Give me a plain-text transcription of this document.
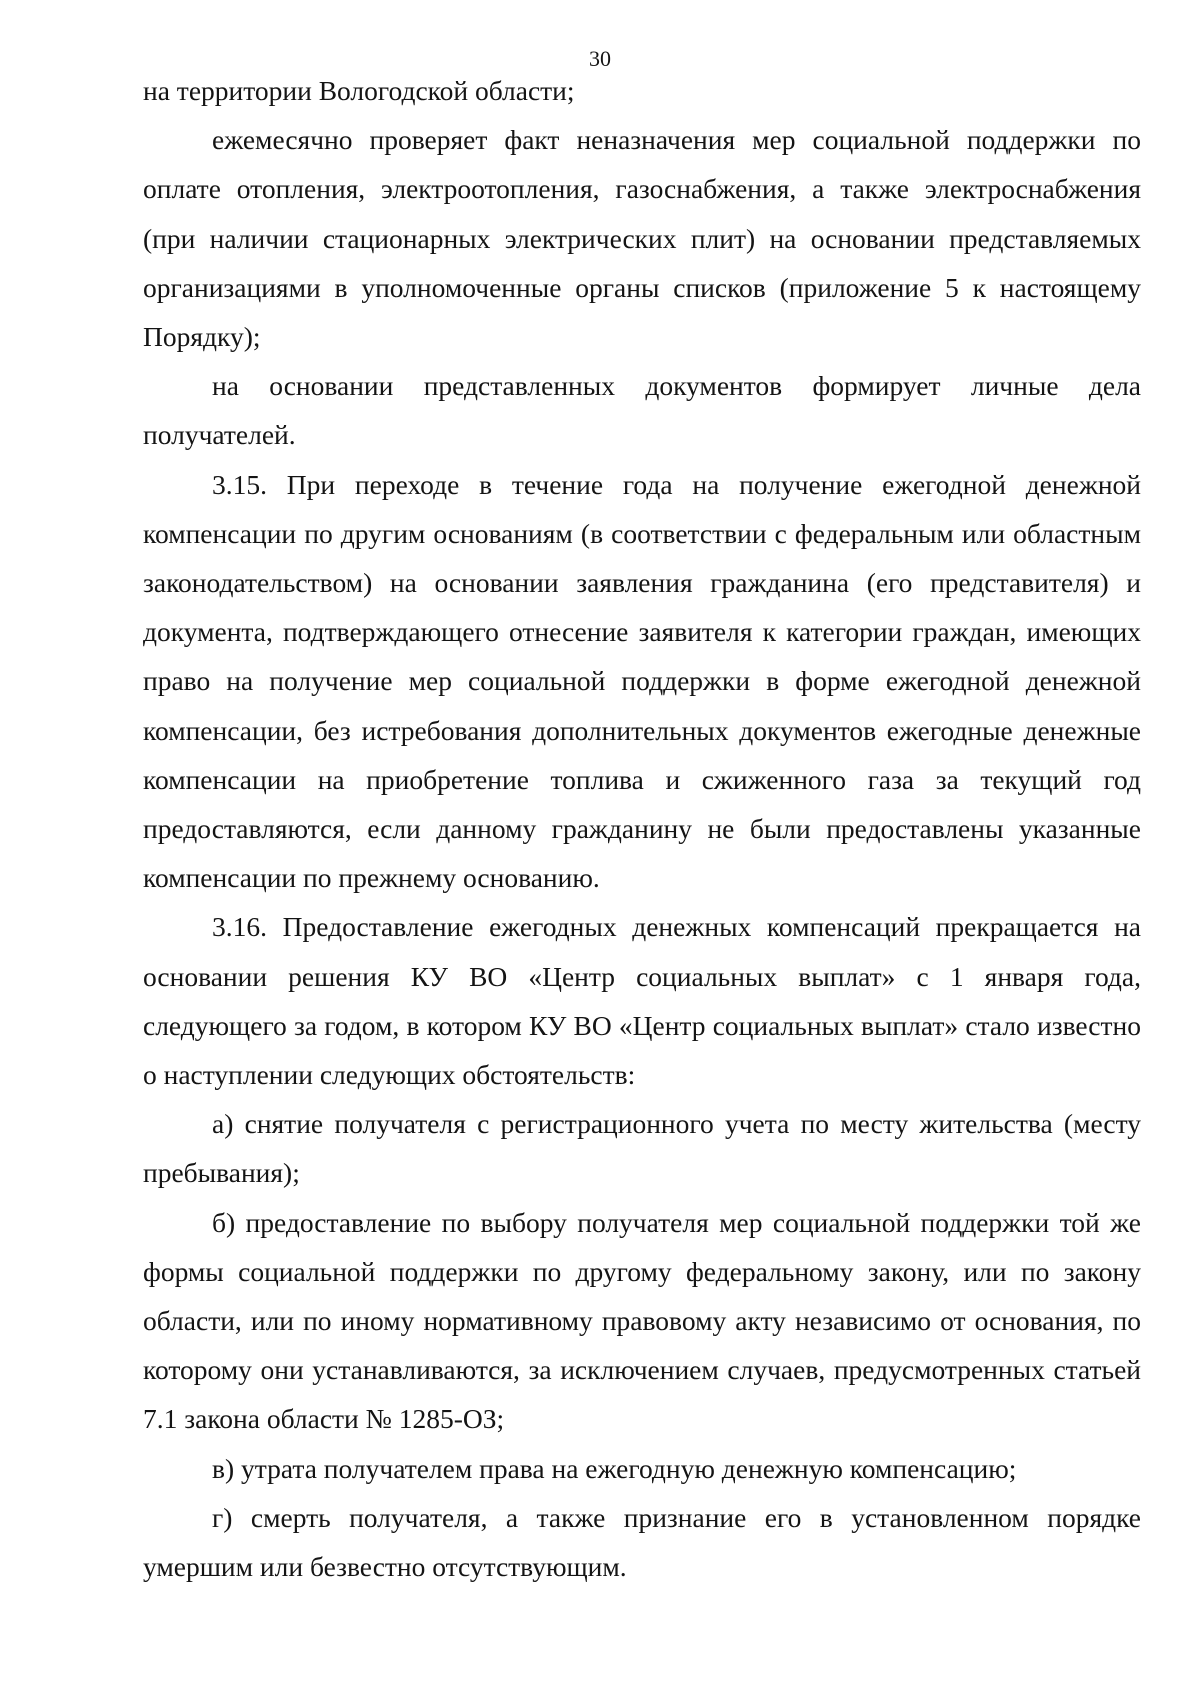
30

на территории Вологодской области;

ежемесячно проверяет факт неназначения мер социальной поддержки по оплате отопления, электроотопления, газоснабжения, а также электроснабжения (при наличии стационарных электрических плит) на основании представляемых организациями в уполномоченные органы списков (приложение 5 к настоящему Порядку);

на основании представленных документов формирует личные дела получателей.

3.15. При переходе в течение года на получение ежегодной денежной компенсации по другим основаниям (в соответствии с федеральным или областным законодательством) на основании заявления гражданина (его представителя) и документа, подтверждающего отнесение заявителя к категории граждан, имеющих право на получение мер социальной поддержки в форме ежегодной денежной компенсации, без истребования дополнительных документов ежегодные денежные компенсации на приобретение топлива и сжиженного газа за текущий год предоставляются, если данному гражданину не были предоставлены указанные компенсации по прежнему основанию.

3.16. Предоставление ежегодных денежных компенсаций прекращается на основании решения КУ ВО «Центр социальных выплат» с 1 января года, следующего за годом, в котором КУ ВО «Центр социальных выплат» стало известно о наступлении следующих обстоятельств:

а) снятие получателя с регистрационного учета по месту жительства (месту пребывания);

б) предоставление по выбору получателя мер социальной поддержки той же формы социальной поддержки по другому федеральному закону, или по закону области, или по иному нормативному правовому акту независимо от основания, по которому они устанавливаются, за исключением случаев, предусмотренных статьей 7.1 закона области № 1285-ОЗ;

в) утрата получателем права на ежегодную денежную компенсацию;

г) смерть получателя, а также признание его в установленном порядке умершим или безвестно отсутствующим.
